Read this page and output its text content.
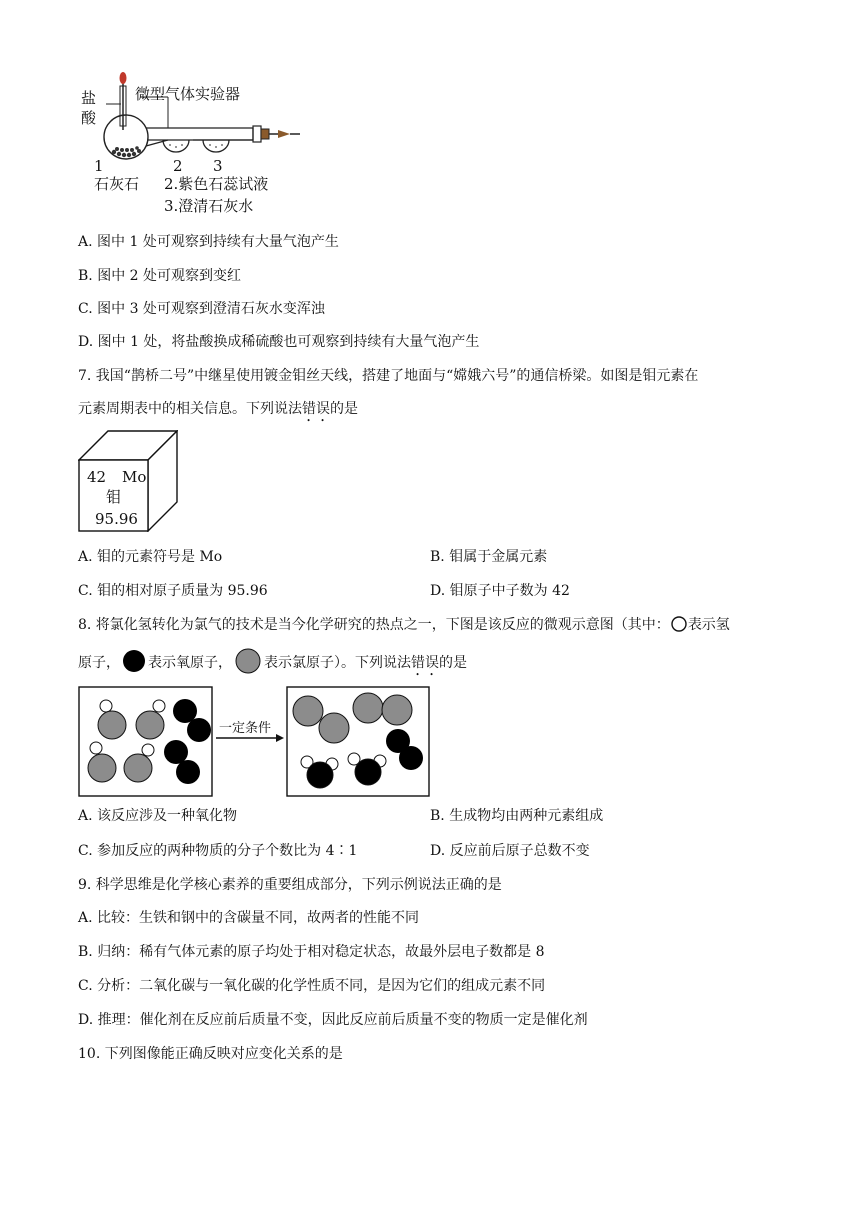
盐
酸
微型气体实验器
1	2 3
石灰石 2.紫色石蕊试液
3.澄清石灰水
A. 图中 1 处可观察到持续有大量气泡产生
B. 图中 2 处可观察到变红
C. 图中 3 处可观察到澄清石灰水变浑浊
D. 图中 1 处，将盐酸换成稀硫酸也可观察到持续有大量气泡产生
7. 我国“鹊桥二号”中继星使用镀金钼丝天线，搭建了地面与“嫦娥六号”的通信桥梁。如图是钼元素在
元素周期表中的相关信息。下列说法错误的是
42 Mo
钼
95.96
A. 钼的元素符号是 Mo	B. 钼属于金属元素
C. 钼的相对原子质量为 95.96	D. 钼原子中子数为 42
8. 将氯化氢转化为氯气的技术是当今化学研究的热点之一，下图是该反应的微观示意图（其中： 表示氢
原子， 表示氧原子， 表示氯原子）。下列说法错误的是
一定条件
A. 该反应涉及一种氧化物	B. 生成物均由两种元素组成
C. 参加反应的两种物质的分子个数比为 4∶1	D. 反应前后原子总数不变
9. 科学思维是化学核心素养的重要组成部分，下列示例说法正确的是
A. 比较：生铁和钢中的含碳量不同，故两者的性能不同
B. 归纳：稀有气体元素的原子均处于相对稳定状态，故最外层电子数都是 8
C. 分析：二氧化碳与一氧化碳的化学性质不同，是因为它们的组成元素不同
D. 推理：催化剂在反应前后质量不变，因此反应前后质量不变的物质一定是催化剂
10. 下列图像能正确反映对应变化关系的是
